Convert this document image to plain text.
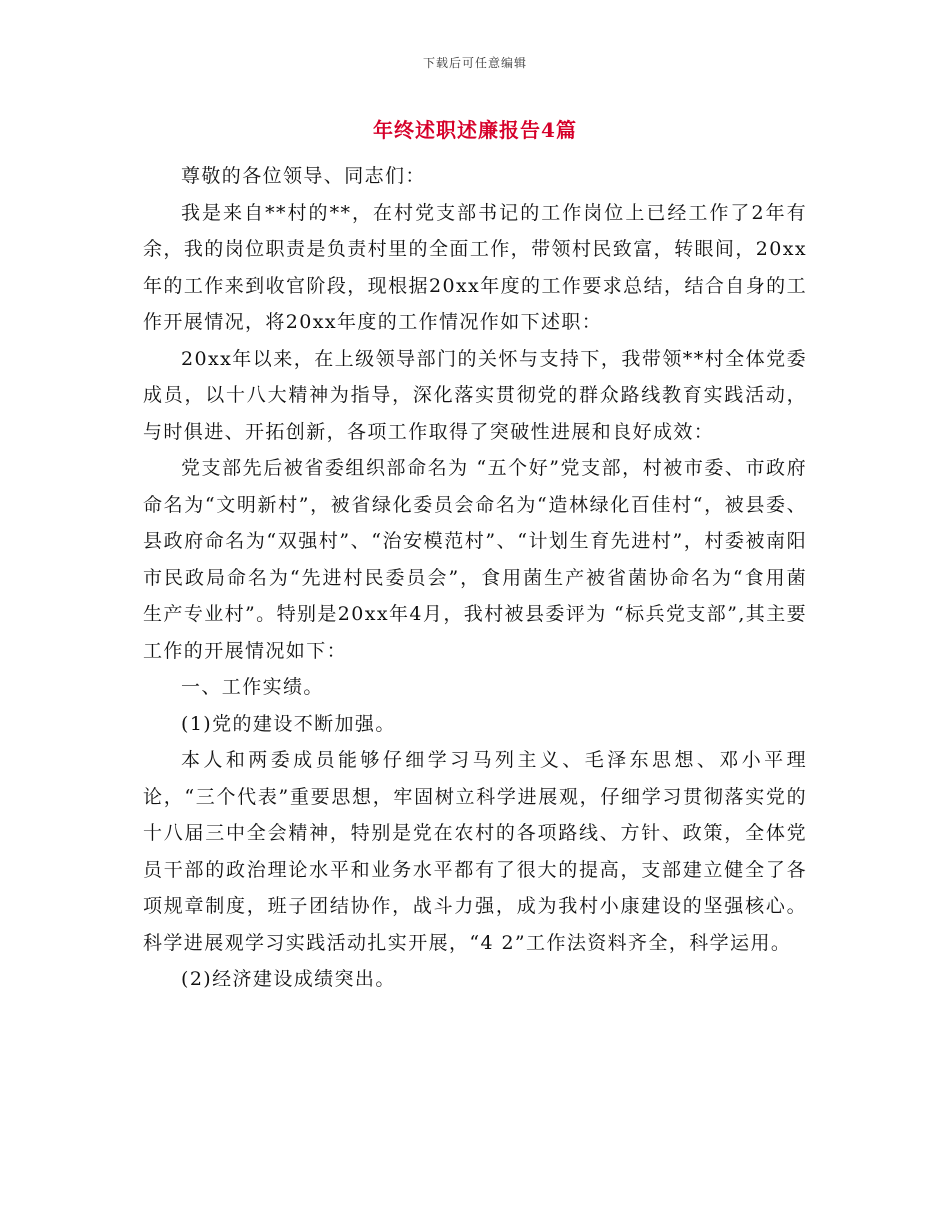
下载后可任意编辑
年终述职述廉报告4篇

尊敬的各位领导、同志们：

我是来自**村的**，在村党支部书记的工作岗位上已经工作了2年有余，我的岗位职责是负责村里的全面工作，带领村民致富，转眼间，20xx年的工作来到收官阶段，现根据20xx年度的工作要求总结，结合自身的工作开展情况，将20xx年度的工作情况作如下述职：

20xx年以来，在上级领导部门的关怀与支持下，我带领**村全体党委成员，以十八大精神为指导，深化落实贯彻党的群众路线教育实践活动，与时俱进、开拓创新，各项工作取得了突破性进展和良好成效：

党支部先后被省委组织部命名为 “五个好”党支部，村被市委、市政府命名为“文明新村”，被省绿化委员会命名为“造林绿化百佳村“，被县委、县政府命名为“双强村”、“治安模范村”、“计划生育先进村”，村委被南阳市民政局命名为“先进村民委员会”，食用菌生产被省菌协命名为“食用菌生产专业村”。特别是20xx年4月，我村被县委评为 “标兵党支部”,其主要工作的开展情况如下：

一、工作实绩。

(1)党的建设不断加强。

本人和两委成员能够仔细学习马列主义、毛泽东思想、邓小平理论，“三个代表”重要思想，牢固树立科学进展观，仔细学习贯彻落实党的十八届三中全会精神，特别是党在农村的各项路线、方针、政策，全体党员干部的政治理论水平和业务水平都有了很大的提高，支部建立健全了各项规章制度，班子团结协作，战斗力强，成为我村小康建设的坚强核心。科学进展观学习实践活动扎实开展，“4 2”工作法资料齐全，科学运用。

(2)经济建设成绩突出。
